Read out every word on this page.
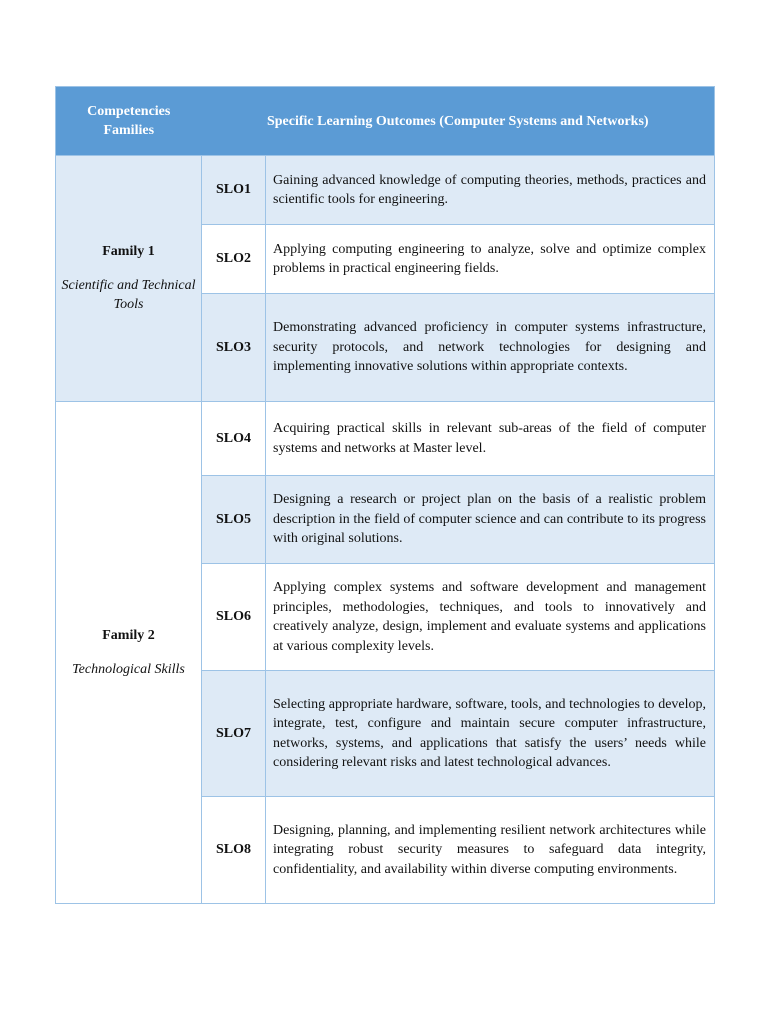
Competencies Families	Specific Learning Outcomes (Computer Systems and Networks)	

Family 1
Scientific and Technical Tools	SLO1	Gaining advanced knowledge of computing theories, methods, practices and scientific tools for engineering.
	SLO2	Applying computing engineering to analyze, solve and optimize complex problems in practical engineering fields.
	SLO3	Demonstrating advanced proficiency in computer systems infrastructure, security protocols, and network technologies for designing and implementing innovative solutions within appropriate contexts.

Family 2
Technological Skills	SLO4	Acquiring practical skills in relevant sub-areas of the field of computer systems and networks at Master level.
	SLO5	Designing a research or project plan on the basis of a realistic problem description in the field of computer science and can contribute to its progress with original solutions.
	SLO6	Applying complex systems and software development and management principles, methodologies, techniques, and tools to innovatively and creatively analyze, design, implement and evaluate systems and applications at various complexity levels.
	SLO7	Selecting appropriate hardware, software, tools, and technologies to develop, integrate, test, configure and maintain secure computer infrastructure, networks, systems, and applications that satisfy the users’ needs while considering relevant risks and latest technological advances.
	SLO8	Designing, planning, and implementing resilient network architectures while integrating robust security measures to safeguard data integrity, confidentiality, and availability within diverse computing environments.
